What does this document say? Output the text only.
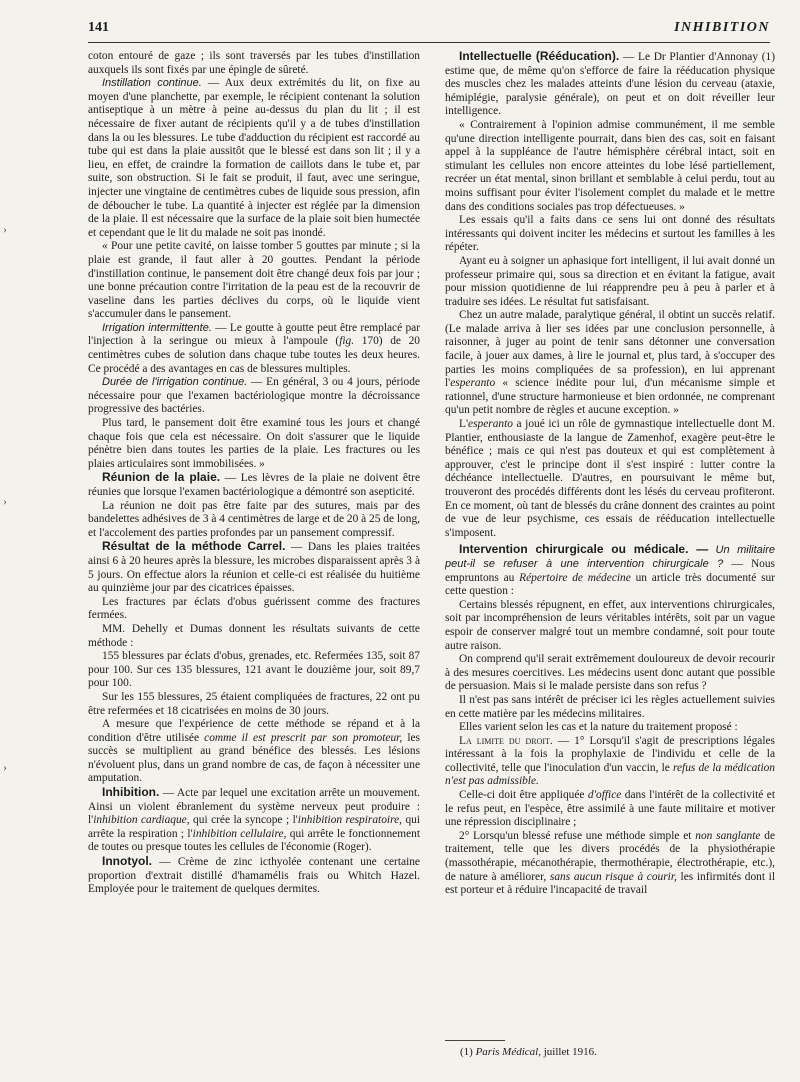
141	INHIBITION
›
›
›

coton entouré de gaze ; ils sont traversés par les tubes d'instillation auxquels ils sont fixés par une épingle de sûreté.

Instillation continue. — Aux deux extrémités du lit, on fixe au moyen d'une planchette, par exemple, le récipient contenant la solution antiseptique à un mètre à peine au-dessus du plan du lit ; il est nécessaire de fixer autant de récipients qu'il y a de tubes d'instillation dans la ou les blessures. Le tube d'adduction du récipient est raccordé au tube qui est dans la plaie aussitôt que le blessé est dans son lit ; il y a lieu, en effet, de craindre la formation de caillots dans le tube et, par suite, son obstruction. Si le fait se produit, il faut, avec une seringue, injecter une vingtaine de centimètres cubes de liquide sous pression, afin de déboucher le tube. La quantité à injecter est réglée par la dimension de la plaie. Il est nécessaire que la surface de la plaie soit bien humectée et cependant que le lit du malade ne soit pas inondé.

« Pour une petite cavité, on laisse tomber 5 gouttes par minute ; si la plaie est grande, il faut aller à 20 gouttes. Pendant la période d'instillation continue, le pansement doit être changé deux fois par jour ; une bonne précaution contre l'irritation de la peau est de la recouvrir de vaseline dans les parties déclives du corps, où le liquide vient s'accumuler dans le pansement.

Irrigation intermittente. — Le goutte à goutte peut être remplacé par l'injection à la seringue ou mieux à l'ampoule (fig. 170) de 20 centimètres cubes de solution dans chaque tube toutes les deux heures. Ce procédé a des avantages en cas de blessures multiples.

Durée de l'irrigation continue. — En général, 3 ou 4 jours, période nécessaire pour que l'examen bactériologique montre la décroissance progressive des bactéries.

Plus tard, le pansement doit être examiné tous les jours et changé chaque fois que cela est nécessaire. On doit s'assurer que le liquide pénètre bien dans toutes les parties de la plaie. Les fractures ou les plaies articulaires sont immobilisées. »

Réunion de la plaie. — Les lèvres de la plaie ne doivent être réunies que lorsque l'examen bactériologique a démontré son asepticité.

La réunion ne doit pas être faite par des sutures, mais par des bandelettes adhésives de 3 à 4 centimètres de large et de 20 à 25 de long, et l'accolement des parties profondes par un pansement compressif.

Résultat de la méthode Carrel. — Dans les plaies traitées ainsi 6 à 20 heures après la blessure, les microbes disparaissent après 3 à 5 jours. On effectue alors la réunion et celle-ci est réalisée du huitième au quinzième jour par des cicatrices épaisses.

Les fractures par éclats d'obus guérissent comme des fractures fermées.

MM. Dehelly et Dumas donnent les résultats suivants de cette méthode :

155 blessures par éclats d'obus, grenades, etc. Refermées 135, soit 87 pour 100. Sur ces 135 blessures, 121 avant le douzième jour, soit 89,7 pour 100.

Sur les 155 blessures, 25 étaient compliquées de fractures, 22 ont pu être refermées et 18 cicatrisées en moins de 30 jours.

A mesure que l'expérience de cette méthode se répand et à la condition d'être utilisée comme il est prescrit par son promoteur, les succès se multiplient au grand bénéfice des blessés. Les lésions n'évoluent plus, dans un grand nombre de cas, de façon à nécessiter une amputation.

Inhibition. — Acte par lequel une excitation arrête un mouvement. Ainsi un violent ébranlement du système nerveux peut produire : l'inhibition cardiaque, qui crée la syncope ; l'inhibition respiratoire, qui arrête la respiration ; l'inhibition cellulaire, qui arrête le fonctionnement de toutes ou presque toutes les cellules de l'économie (Roger).

Innotyol. — Crème de zinc icthyolée contenant une certaine proportion d'extrait distillé d'hamamélis frais ou Whitch Hazel. Employée pour le traitement de quelques dermites.

Intellectuelle (Rééducation). — Le Dr Plantier d'Annonay (1) estime que, de même qu'on s'efforce de faire la rééducation physique des muscles chez les malades atteints d'une lésion du cerveau (ataxie, hémiplégie, paralysie générale), on peut et on doit réveiller leur intelligence.

« Contrairement à l'opinion admise communément, il me semble qu'une direction intelligente pourrait, dans bien des cas, soit en faisant appel à la suppléance de l'autre hémisphère cérébral intact, soit en stimulant les cellules non encore atteintes du lobe lésé partiellement, recréer un état mental, sinon brillant et semblable à celui perdu, tout au moins suffisant pour éviter l'isolement complet du malade et le mettre dans des conditions sociales pas trop défectueuses. »

Les essais qu'il a faits dans ce sens lui ont donné des résultats intéressants qui doivent inciter les médecins et surtout les familles à les répéter.

Ayant eu à soigner un aphasique fort intelligent, il lui avait donné un professeur primaire qui, sous sa direction et en évitant la fatigue, avait pour mission quotidienne de lui réapprendre peu à peu à parler et à traduire ses idées. Le résultat fut satisfaisant.

Chez un autre malade, paralytique général, il obtint un succès relatif. (Le malade arriva à lier ses idées par une conclusion personnelle, à raisonner, à juger au point de tenir sans détonner une conversation facile, à jouer aux dames, à lire le journal et, plus tard, à s'occuper des parties les moins compliquées de sa profession), en lui apprenant l'esperanto « science inédite pour lui, d'un mécanisme simple et rationnel, d'une structure harmonieuse et bien ordonnée, ne comprenant qu'un petit nombre de règles et aucune exception. »

L'esperanto a joué ici un rôle de gymnastique intellectuelle dont M. Plantier, enthousiaste de la langue de Zamenhof, exagère peut-être le bénéfice ; mais ce qui n'est pas douteux et qui est complètement à approuver, c'est le principe dont il s'est inspiré : lutter contre la déchéance intellectuelle. D'autres, en poursuivant le même but, trouveront des procédés différents dont les lésés du cerveau profiteront. En ce moment, où tant de blessés du crâne donnent des craintes au point de vue de leur psychisme, ces essais de rééducation intellectuelle s'imposent.

Intervention chirurgicale ou médicale. — Un militaire peut-il se refuser à une intervention chirurgicale ? — Nous empruntons au Répertoire de médecine un article très documenté sur cette question :

Certains blessés répugnent, en effet, aux interventions chirurgicales, soit par incompréhension de leurs véritables intérêts, soit par un vague espoir de conserver malgré tout un membre condamné, soit pour toute autre raison.

On comprend qu'il serait extrêmement douloureux de devoir recourir à des mesures coercitives. Les médecins usent donc autant que possible de persuasion. Mais si le malade persiste dans son refus ?

Il n'est pas sans intérêt de préciser ici les règles actuellement suivies en cette matière par les médecins militaires.

Elles varient selon les cas et la nature du traitement proposé :

La limite du droit. — 1° Lorsqu'il s'agit de prescriptions légales intéressant à la fois la prophylaxie de l'individu et celle de la collectivité, telle que l'inoculation d'un vaccin, le refus de la médication n'est pas admissible.

Celle-ci doit être appliquée d'office dans l'intérêt de la collectivité et le refus peut, en l'espèce, être assimilé à une faute militaire et motiver une répression disciplinaire ;

2° Lorsqu'un blessé refuse une méthode simple et non sanglante de traitement, telle que les divers procédés de la physiothérapie (massothérapie, mécanothérapie, thermothérapie, électrothérapie, etc.), de nature à améliorer, sans aucun risque à courir, les infirmités dont il est porteur et à réduire l'incapacité de travail

(1) Paris Médical, juillet 1916.
